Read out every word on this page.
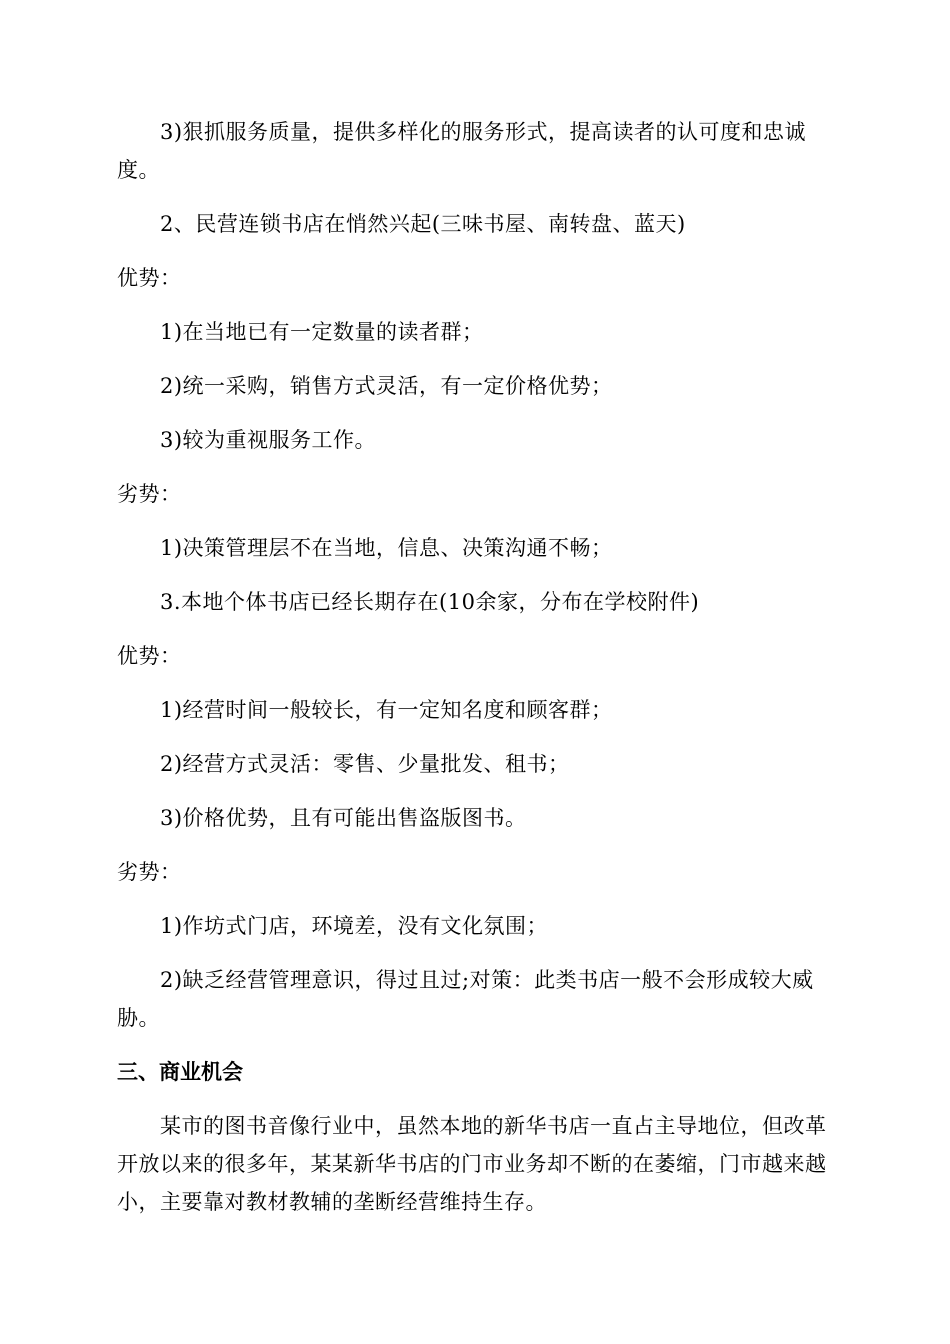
3)狠抓服务质量，提供多样化的服务形式，提高读者的认可度和忠诚度。

2、民营连锁书店在悄然兴起(三味书屋、南转盘、蓝天)

优势：

1)在当地已有一定数量的读者群；

2)统一采购，销售方式灵活，有一定价格优势；

3)较为重视服务工作。

劣势：

1)决策管理层不在当地，信息、决策沟通不畅；

3.本地个体书店已经长期存在(10余家，分布在学校附件)

优势：

1)经营时间一般较长，有一定知名度和顾客群；

2)经营方式灵活：零售、少量批发、租书；

3)价格优势，且有可能出售盗版图书。

劣势：

1)作坊式门店，环境差，没有文化氛围；

2)缺乏经营管理意识，得过且过;对策：此类书店一般不会形成较大威胁。

三、商业机会

某市的图书音像行业中，虽然本地的新华书店一直占主导地位，但改革开放以来的很多年，某某新华书店的门市业务却不断的在萎缩，门市越来越小，主要靠对教材教辅的垄断经营维持生存。
